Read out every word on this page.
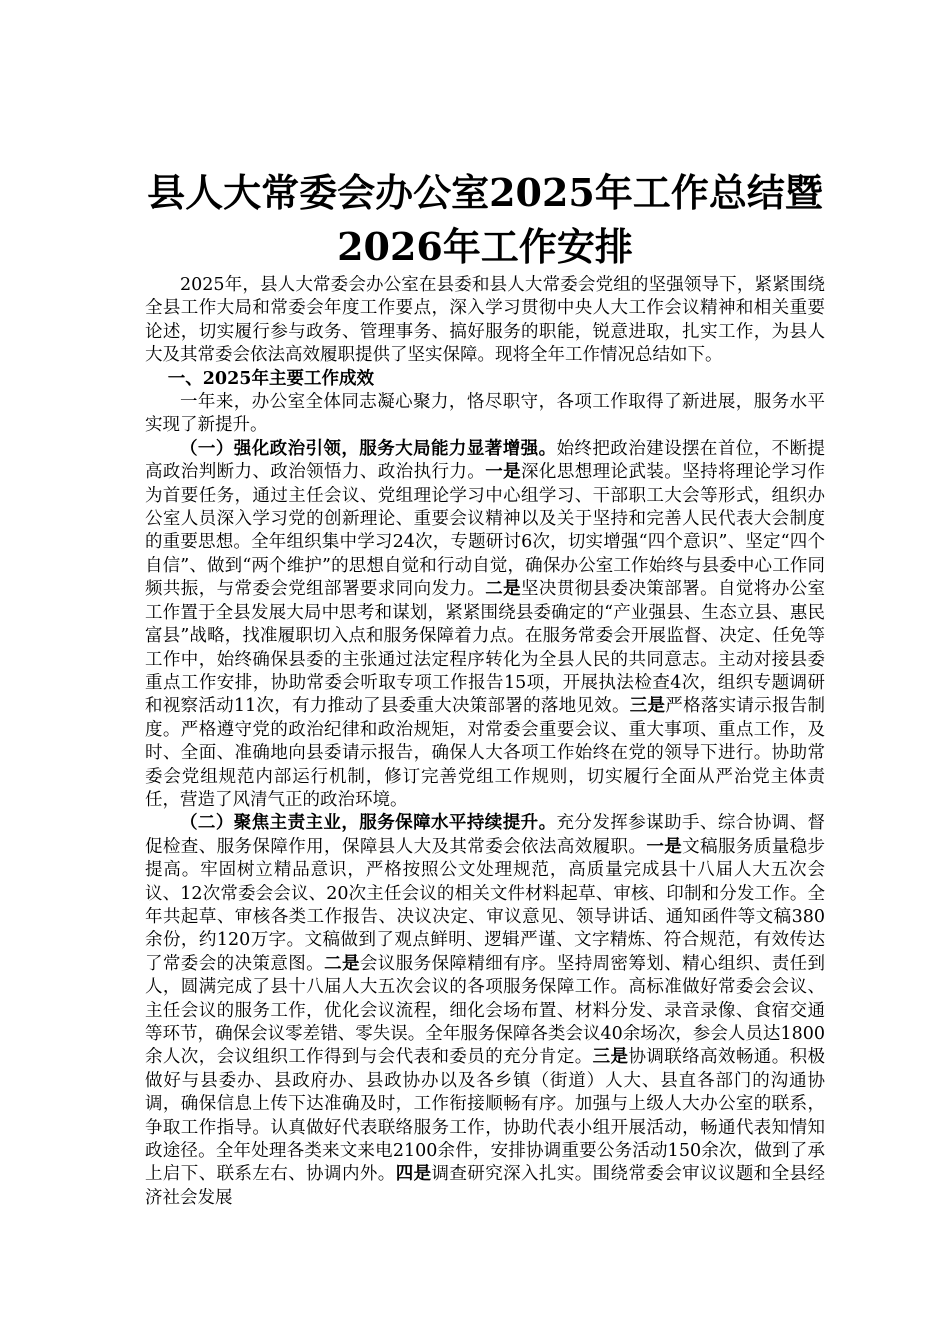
县人大常委会办公室2025年工作总结暨2026年工作安排

2025年，县人大常委会办公室在县委和县人大常委会党组的坚强领导下，紧紧围绕全县工作大局和常委会年度工作要点，深入学习贯彻中央人大工作会议精神和相关重要论述，切实履行参与政务、管理事务、搞好服务的职能，锐意进取，扎实工作，为县人大及其常委会依法高效履职提供了坚实保障。现将全年工作情况总结如下。

一、2025年主要工作成效

一年来，办公室全体同志凝心聚力，恪尽职守，各项工作取得了新进展，服务水平实现了新提升。

（一）强化政治引领，服务大局能力显著增强。始终把政治建设摆在首位，不断提高政治判断力、政治领悟力、政治执行力。一是深化思想理论武装。坚持将理论学习作为首要任务，通过主任会议、党组理论学习中心组学习、干部职工大会等形式，组织办公室人员深入学习党的创新理论、重要会议精神以及关于坚持和完善人民代表大会制度的重要思想。全年组织集中学习24次，专题研讨6次，切实增强“四个意识”、坚定“四个自信”、做到“两个维护”的思想自觉和行动自觉，确保办公室工作始终与县委中心工作同频共振，与常委会党组部署要求同向发力。二是坚决贯彻县委决策部署。自觉将办公室工作置于全县发展大局中思考和谋划，紧紧围绕县委确定的“产业强县、生态立县、惠民富县”战略，找准履职切入点和服务保障着力点。在服务常委会开展监督、决定、任免等工作中，始终确保县委的主张通过法定程序转化为全县人民的共同意志。主动对接县委重点工作安排，协助常委会听取专项工作报告15项，开展执法检查4次，组织专题调研和视察活动11次，有力推动了县委重大决策部署的落地见效。三是严格落实请示报告制度。严格遵守党的政治纪律和政治规矩，对常委会重要会议、重大事项、重点工作，及时、全面、准确地向县委请示报告，确保人大各项工作始终在党的领导下进行。协助常委会党组规范内部运行机制，修订完善党组工作规则，切实履行全面从严治党主体责任，营造了风清气正的政治环境。

（二）聚焦主责主业，服务保障水平持续提升。充分发挥参谋助手、综合协调、督促检查、服务保障作用，保障县人大及其常委会依法高效履职。一是文稿服务质量稳步提高。牢固树立精品意识，严格按照公文处理规范，高质量完成县十八届人大五次会议、12次常委会会议、20次主任会议的相关文件材料起草、审核、印制和分发工作。全年共起草、审核各类工作报告、决议决定、审议意见、领导讲话、通知函件等文稿380余份，约120万字。文稿做到了观点鲜明、逻辑严谨、文字精炼、符合规范，有效传达了常委会的决策意图。二是会议服务保障精细有序。坚持周密筹划、精心组织、责任到人，圆满完成了县十八届人大五次会议的各项服务保障工作。高标准做好常委会会议、主任会议的服务工作，优化会议流程，细化会场布置、材料分发、录音录像、食宿交通等环节，确保会议零差错、零失误。全年服务保障各类会议40余场次，参会人员达1800余人次，会议组织工作得到与会代表和委员的充分肯定。三是协调联络高效畅通。积极做好与县委办、县政府办、县政协办以及各乡镇（街道）人大、县直各部门的沟通协调，确保信息上传下达准确及时，工作衔接顺畅有序。加强与上级人大办公室的联系，争取工作指导。认真做好代表联络服务工作，协助代表小组开展活动，畅通代表知情知政途径。全年处理各类来文来电2100余件，安排协调重要公务活动150余次，做到了承上启下、联系左右、协调内外。四是调查研究深入扎实。围绕常委会审议议题和全县经济社会发展
